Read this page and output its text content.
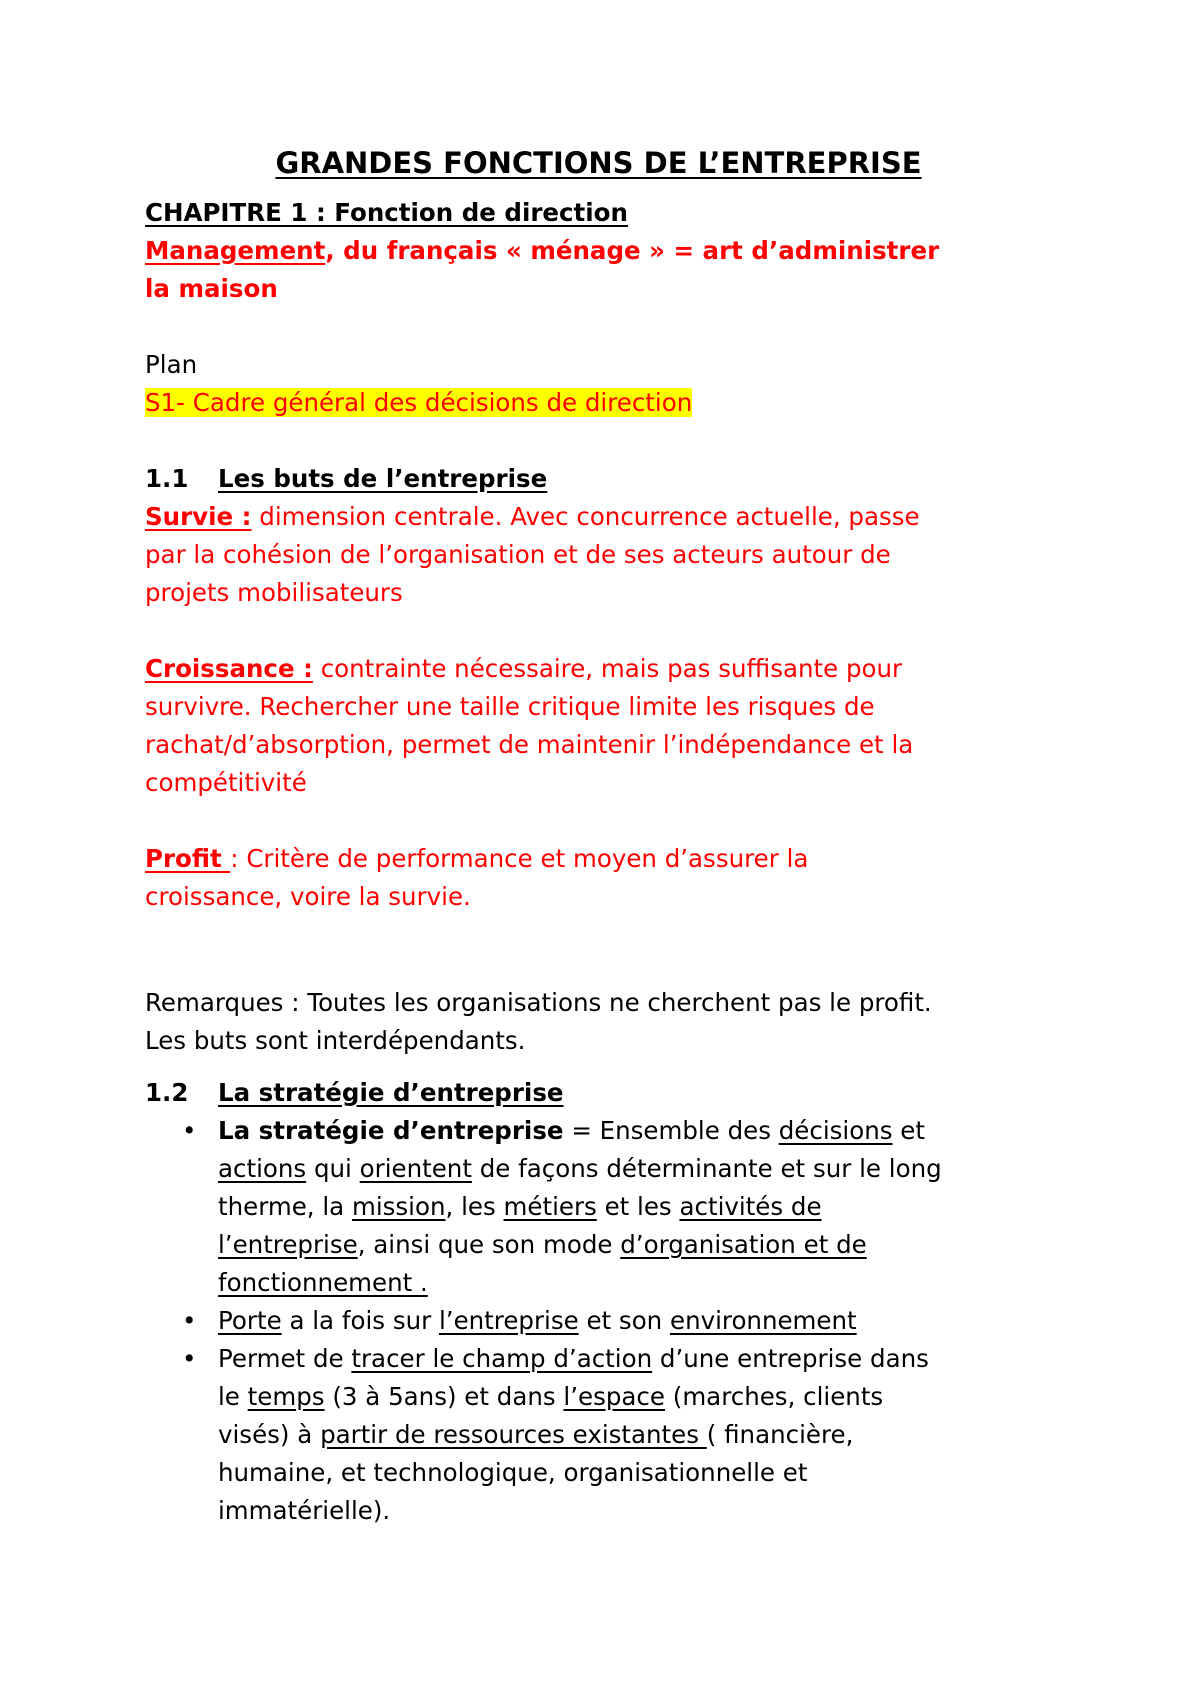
GRANDES FONCTIONS DE L’ENTREPRISE

CHAPITRE 1 : Fonction de direction

Management, du français « ménage » = art d’administrer

la maison

Plan

S1- Cadre général des décisions de direction

1.1	Les buts de l’entreprise

Survie : dimension centrale. Avec concurrence actuelle, passe

par la cohésion de l’organisation et de ses acteurs autour de

projets mobilisateurs

Croissance : contrainte nécessaire, mais pas suffisante pour

survivre. Rechercher une taille critique limite les risques de

rachat/d’absorption, permet de maintenir l’indépendance et la

compétitivité

Profit : Critère de performance et moyen d’assurer la

croissance, voire la survie.

Remarques : Toutes les organisations ne cherchent pas le profit.

Les buts sont interdépendants.

1.2	La stratégie d’entreprise
• La stratégie d’entreprise = Ensemble des décisions et

actions qui orientent de façons déterminante et sur le long

therme, la mission, les métiers et les activités de

l’entreprise, ainsi que son mode d’organisation et de

fonctionnement .

• Porte a la fois sur l’entreprise et son environnement

• Permet de tracer le champ d’action d’une entreprise dans

le temps (3 à 5ans) et dans l’espace (marches, clients

visés) à partir de ressources existantes ( financière,

humaine, et technologique, organisationnelle et

immatérielle).
